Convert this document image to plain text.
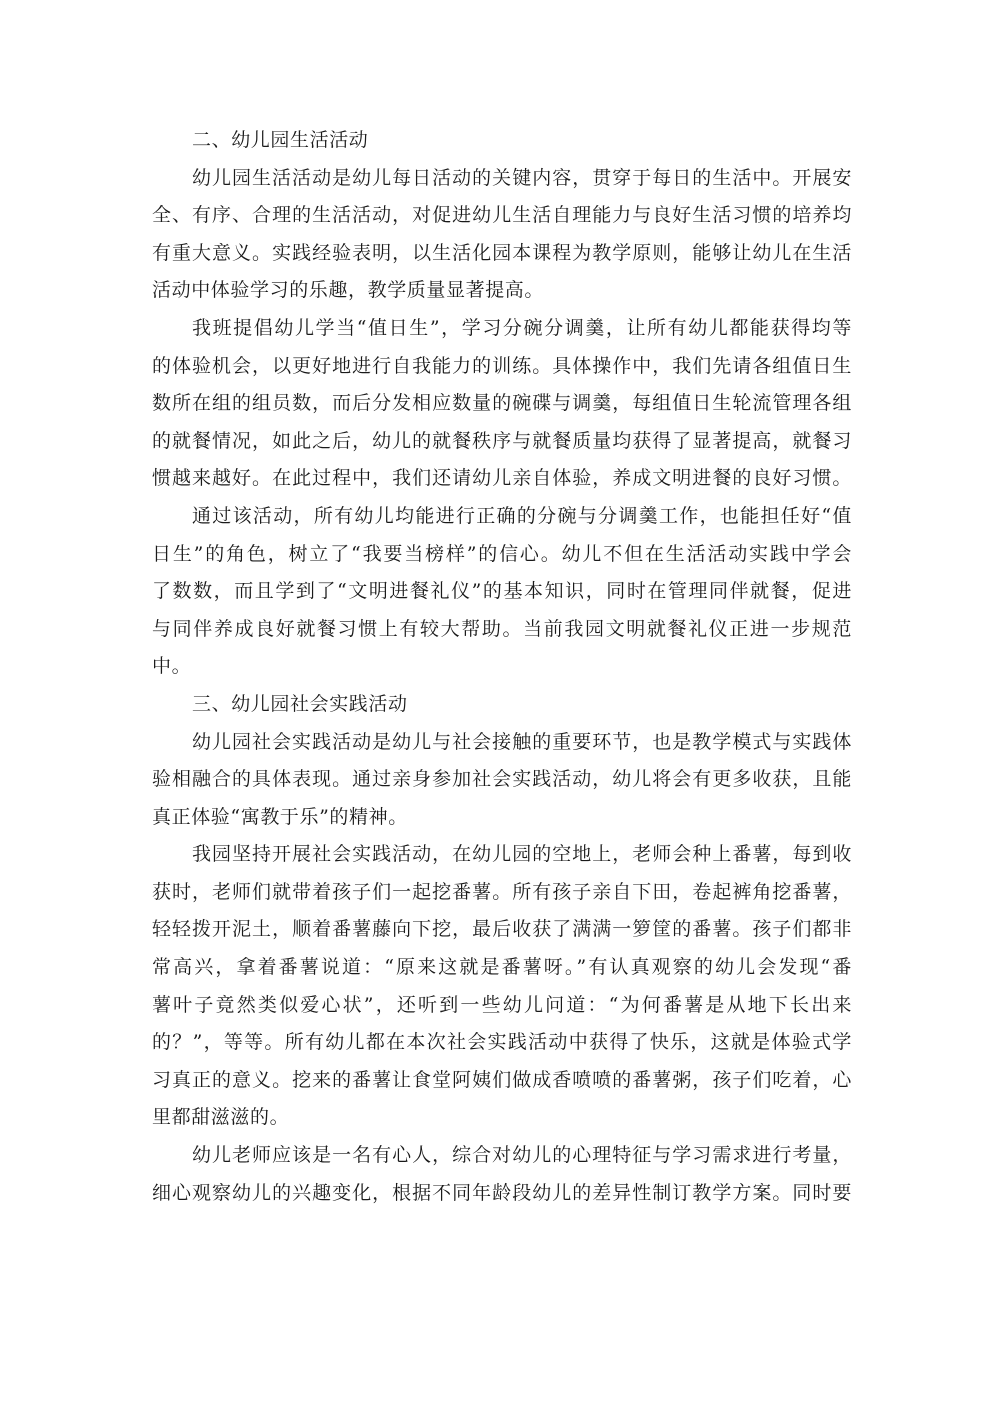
二、幼儿园生活活动
幼儿园生活活动是幼儿每日活动的关键内容，贯穿于每日的生活中。开展安
全、有序、合理的生活活动，对促进幼儿生活自理能力与良好生活习惯的培养均
有重大意义。实践经验表明，以生活化园本课程为教学原则，能够让幼儿在生活
活动中体验学习的乐趣，教学质量显著提高。
我班提倡幼儿学当“值日生”，学习分碗分调羹，让所有幼儿都能获得均等
的体验机会，以更好地进行自我能力的训练。具体操作中，我们先请各组值日生
数所在组的组员数，而后分发相应数量的碗碟与调羹，每组值日生轮流管理各组
的就餐情况，如此之后，幼儿的就餐秩序与就餐质量均获得了显著提高，就餐习
惯越来越好。在此过程中，我们还请幼儿亲自体验，养成文明进餐的良好习惯。
通过该活动，所有幼儿均能进行正确的分碗与分调羹工作，也能担任好“值
日生”的角色，树立了“我要当榜样”的信心。幼儿不但在生活活动实践中学会
了数数，而且学到了“文明进餐礼仪”的基本知识，同时在管理同伴就餐，促进
与同伴养成良好就餐习惯上有较大帮助。当前我园文明就餐礼仪正进一步规范
中。
三、幼儿园社会实践活动
幼儿园社会实践活动是幼儿与社会接触的重要环节，也是教学模式与实践体
验相融合的具体表现。通过亲身参加社会实践活动，幼儿将会有更多收获，且能
真正体验“寓教于乐”的精神。
我园坚持开展社会实践活动，在幼儿园的空地上，老师会种上番薯，每到收
获时，老师们就带着孩子们一起挖番薯。所有孩子亲自下田，卷起裤角挖番薯，
轻轻拨开泥土，顺着番薯藤向下挖，最后收获了满满一箩筐的番薯。孩子们都非
常高兴，拿着番薯说道：“原来这就是番薯呀。”有认真观察的幼儿会发现“番
薯叶子竟然类似爱心状”，还听到一些幼儿问道：“为何番薯是从地下长出来
的？”，等等。所有幼儿都在本次社会实践活动中获得了快乐，这就是体验式学
习真正的意义。挖来的番薯让食堂阿姨们做成香喷喷的番薯粥，孩子们吃着，心
里都甜滋滋的。
幼儿老师应该是一名有心人，综合对幼儿的心理特征与学习需求进行考量，
细心观察幼儿的兴趣变化，根据不同年龄段幼儿的差异性制订教学方案。同时要
